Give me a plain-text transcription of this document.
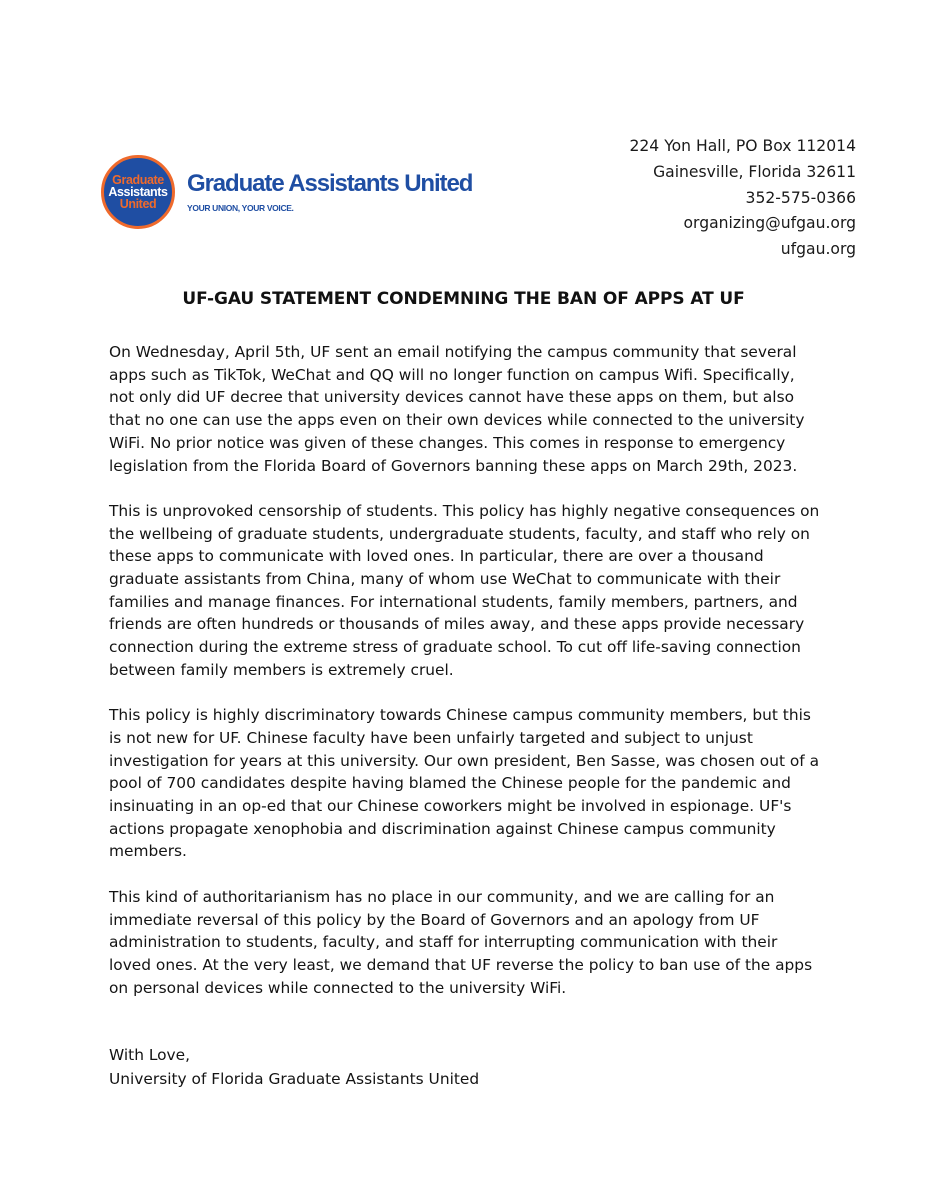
Graduate
Assistants
United
Graduate Assistants United
YOUR UNION, YOUR VOICE.
224 Yon Hall, PO Box 112014
Gainesville, Florida 32611
352-575-0366
organizing@ufgau.org
ufgau.org
UF-GAU STATEMENT CONDEMNING THE BAN OF APPS AT UF

On Wednesday, April 5th, UF sent an email notifying the campus community that several
apps such as TikTok, WeChat and QQ will no longer function on campus Wifi. Specifically,
not only did UF decree that university devices cannot have these apps on them, but also
that no one can use the apps even on their own devices while connected to the university
WiFi. No prior notice was given of these changes. This comes in response to emergency
legislation from the Florida Board of Governors banning these apps on March 29th, 2023.

This is unprovoked censorship of students. This policy has highly negative consequences on
the wellbeing of graduate students, undergraduate students, faculty, and staff who rely on
these apps to communicate with loved ones. In particular, there are over a thousand
graduate assistants from China, many of whom use WeChat to communicate with their
families and manage finances. For international students, family members, partners, and
friends are often hundreds or thousands of miles away, and these apps provide necessary
connection during the extreme stress of graduate school. To cut off life-saving connection
between family members is extremely cruel.

This policy is highly discriminatory towards Chinese campus community members, but this
is not new for UF. Chinese faculty have been unfairly targeted and subject to unjust
investigation for years at this university. Our own president, Ben Sasse, was chosen out of a
pool of 700 candidates despite having blamed the Chinese people for the pandemic and
insinuating in an op-ed that our Chinese coworkers might be involved in espionage. UF's
actions propagate xenophobia and discrimination against Chinese campus community
members.

This kind of authoritarianism has no place in our community, and we are calling for an
immediate reversal of this policy by the Board of Governors and an apology from UF
administration to students, faculty, and staff for interrupting communication with their
loved ones. At the very least, we demand that UF reverse the policy to ban use of the apps
on personal devices while connected to the university WiFi.

With Love,
University of Florida Graduate Assistants United
